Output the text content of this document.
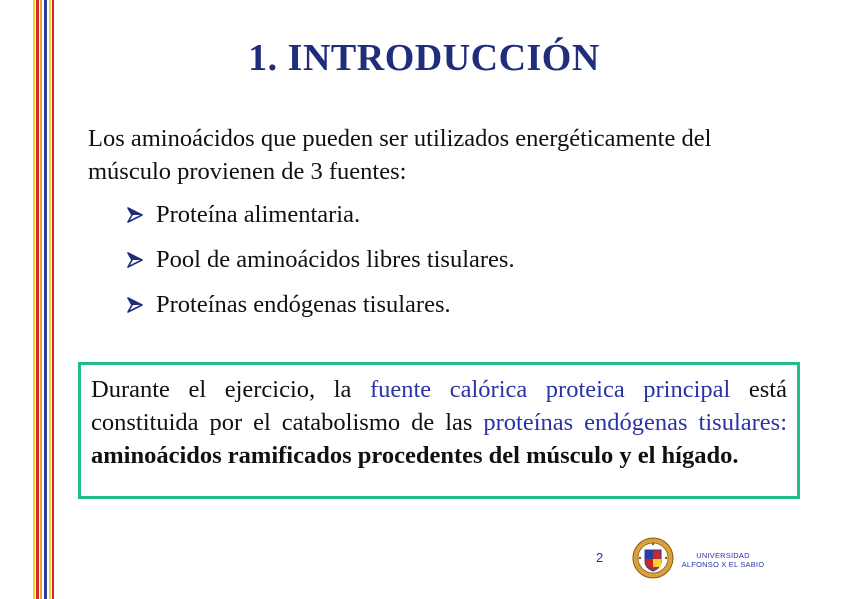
1. INTRODUCCIÓN
Los aminoácidos que pueden ser utilizados energéticamente del músculo provienen de 3 fuentes:
Proteína alimentaria.
Pool de aminoácidos libres tisulares.
Proteínas endógenas tisulares.
Durante el ejercicio, la fuente calórica proteica principal está constituida por el catabolismo de las proteínas endógenas tisulares: aminoácidos ramificados procedentes del músculo y el hígado.
2	UNIVERSIDAD
ALFONSO X EL SABIO
